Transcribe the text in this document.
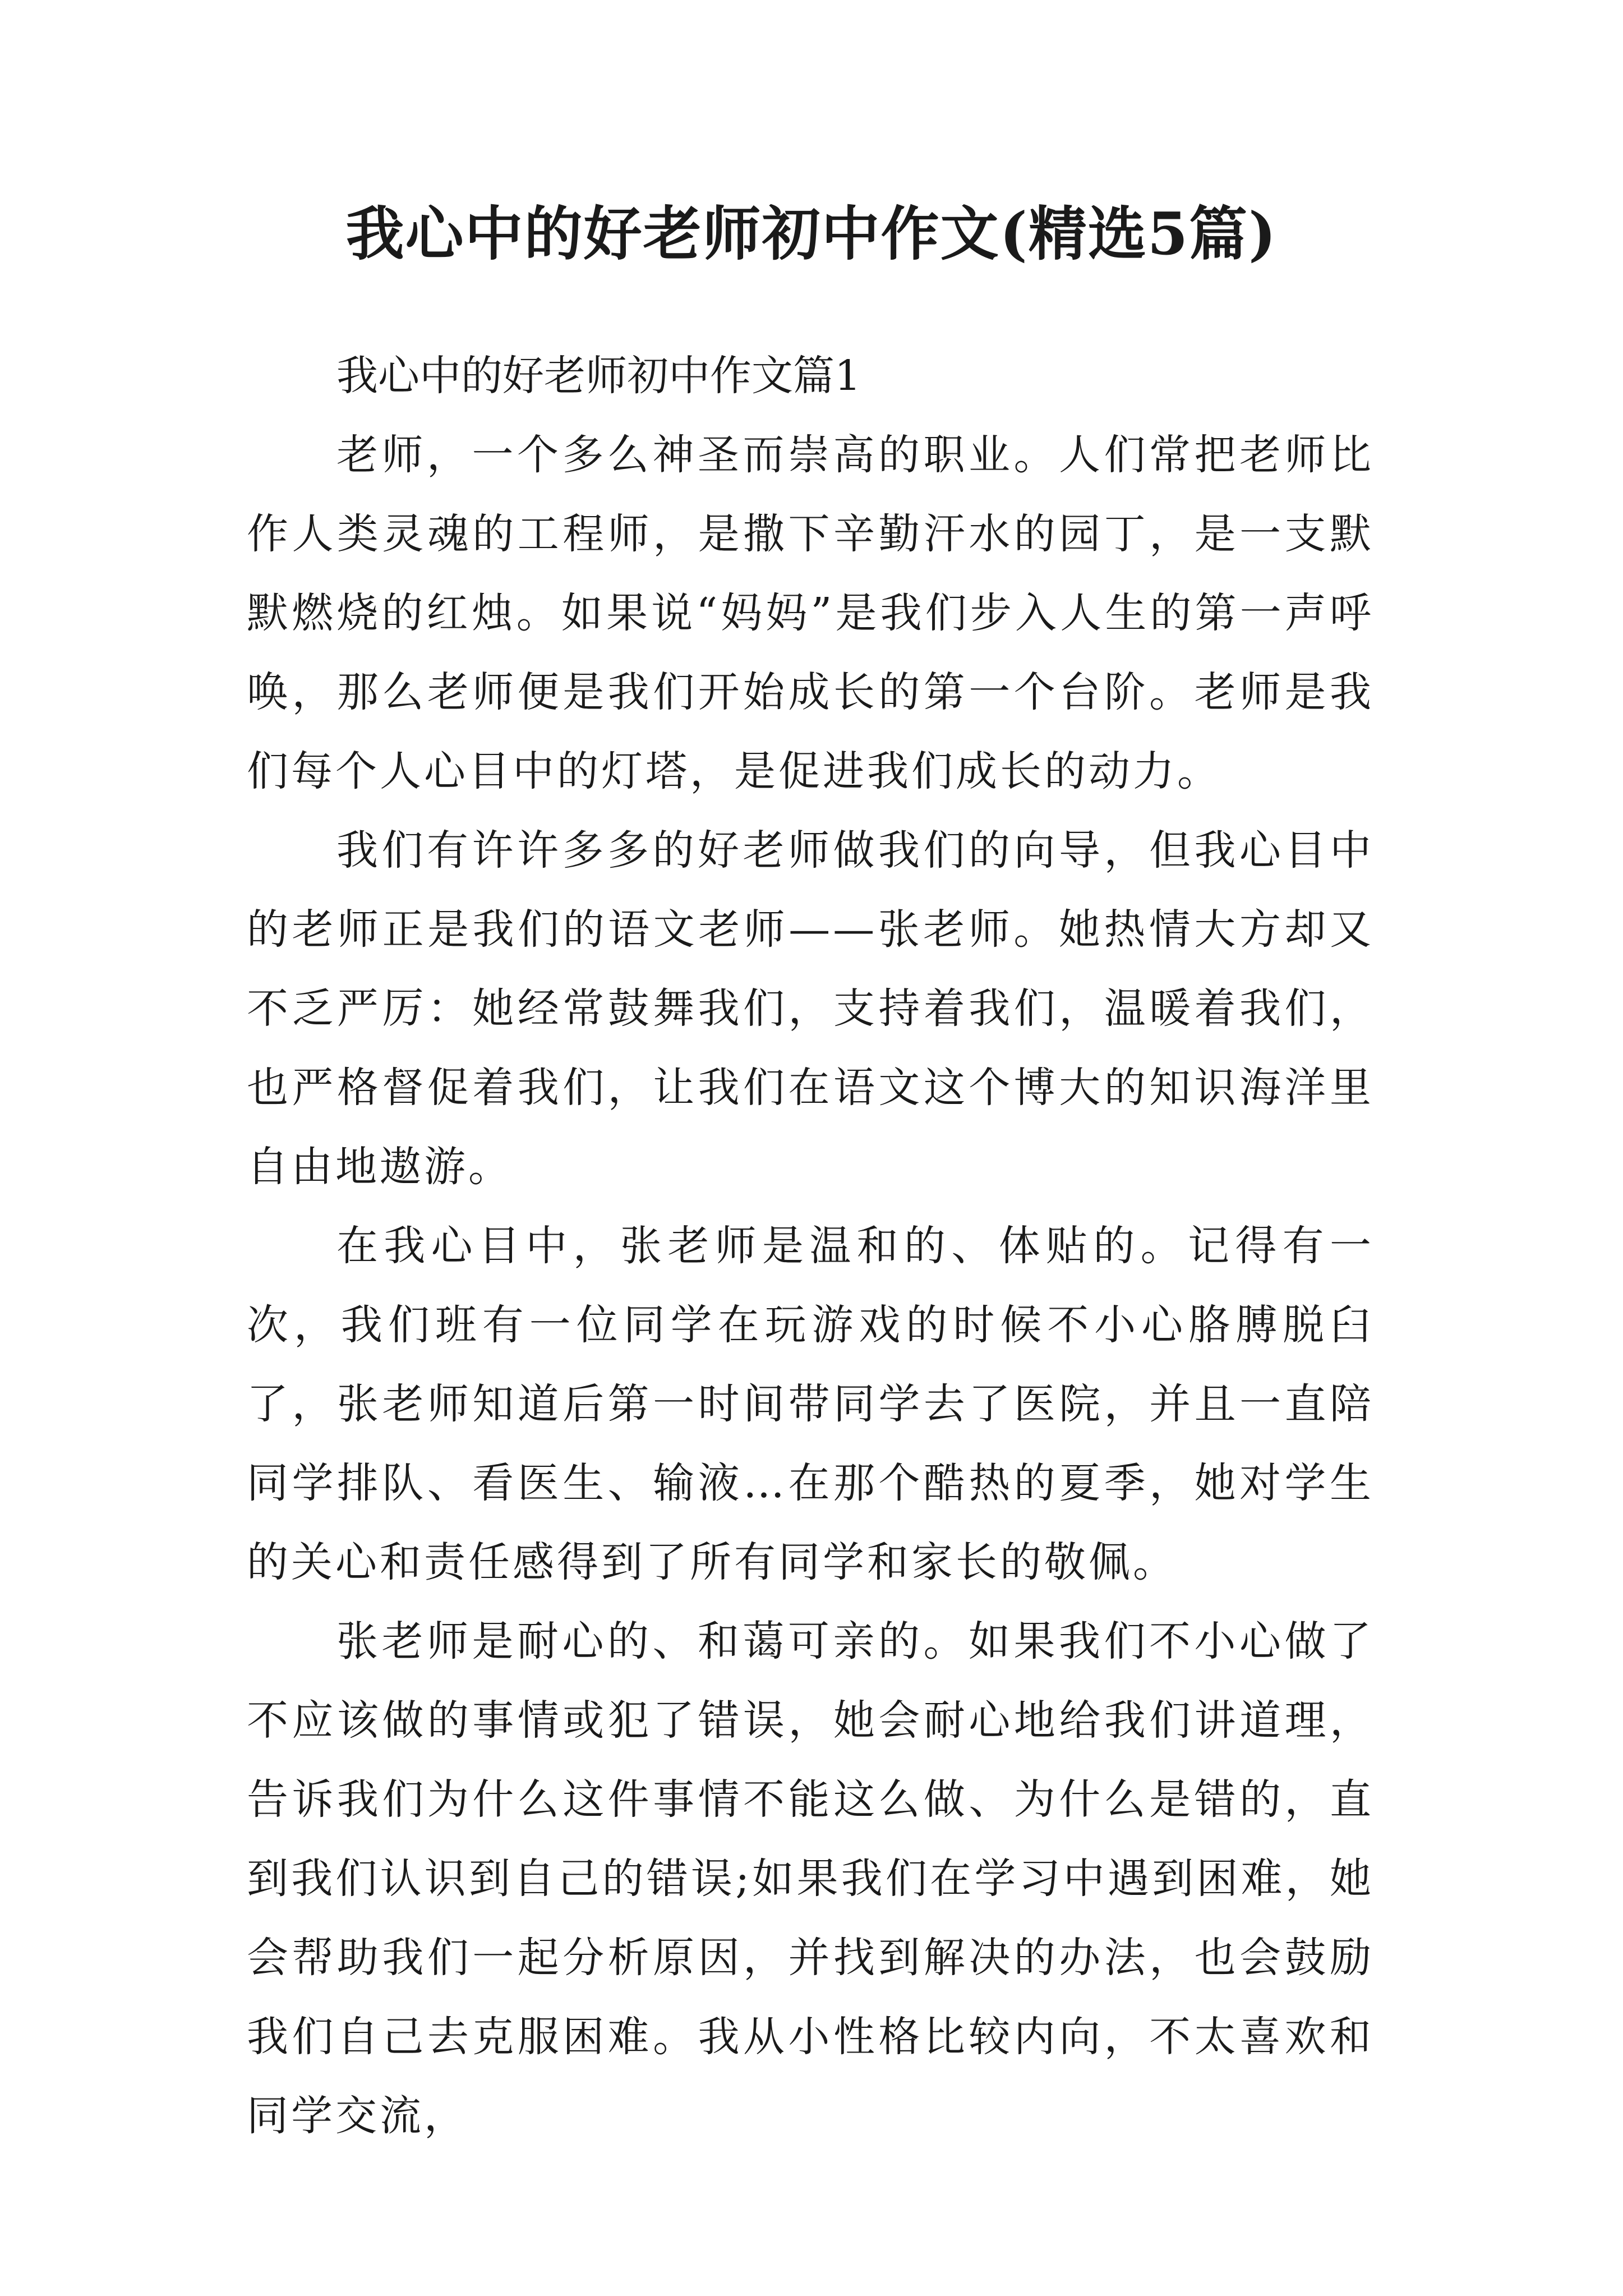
我心中的好老师初中作文(精选5篇)

我心中的好老师初中作文篇1

老师，一个多么神圣而崇高的职业。人们常把老师比作人类灵魂的工程师，是撒下辛勤汗水的园丁，是一支默默燃烧的红烛。如果说“妈妈”是我们步入人生的第一声呼唤，那么老师便是我们开始成长的第一个台阶。老师是我们每个人心目中的灯塔，是促进我们成长的动力。

我们有许许多多的好老师做我们的向导，但我心目中的老师正是我们的语文老师——张老师。她热情大方却又不乏严厉：她经常鼓舞我们，支持着我们，温暖着我们，也严格督促着我们，让我们在语文这个博大的知识海洋里自由地遨游。

在我心目中，张老师是温和的、体贴的。记得有一次，我们班有一位同学在玩游戏的时候不小心胳膊脱臼了，张老师知道后第一时间带同学去了医院，并且一直陪同学排队、看医生、输液…在那个酷热的夏季，她对学生的关心和责任感得到了所有同学和家长的敬佩。

张老师是耐心的、和蔼可亲的。如果我们不小心做了不应该做的事情或犯了错误，她会耐心地给我们讲道理，告诉我们为什么这件事情不能这么做、为什么是错的，直到我们认识到自己的错误;如果我们在学习中遇到困难，她会帮助我们一起分析原因，并找到解决的办法，也会鼓励我们自己去克服困难。我从小性格比较内向，不太喜欢和同学交流，
